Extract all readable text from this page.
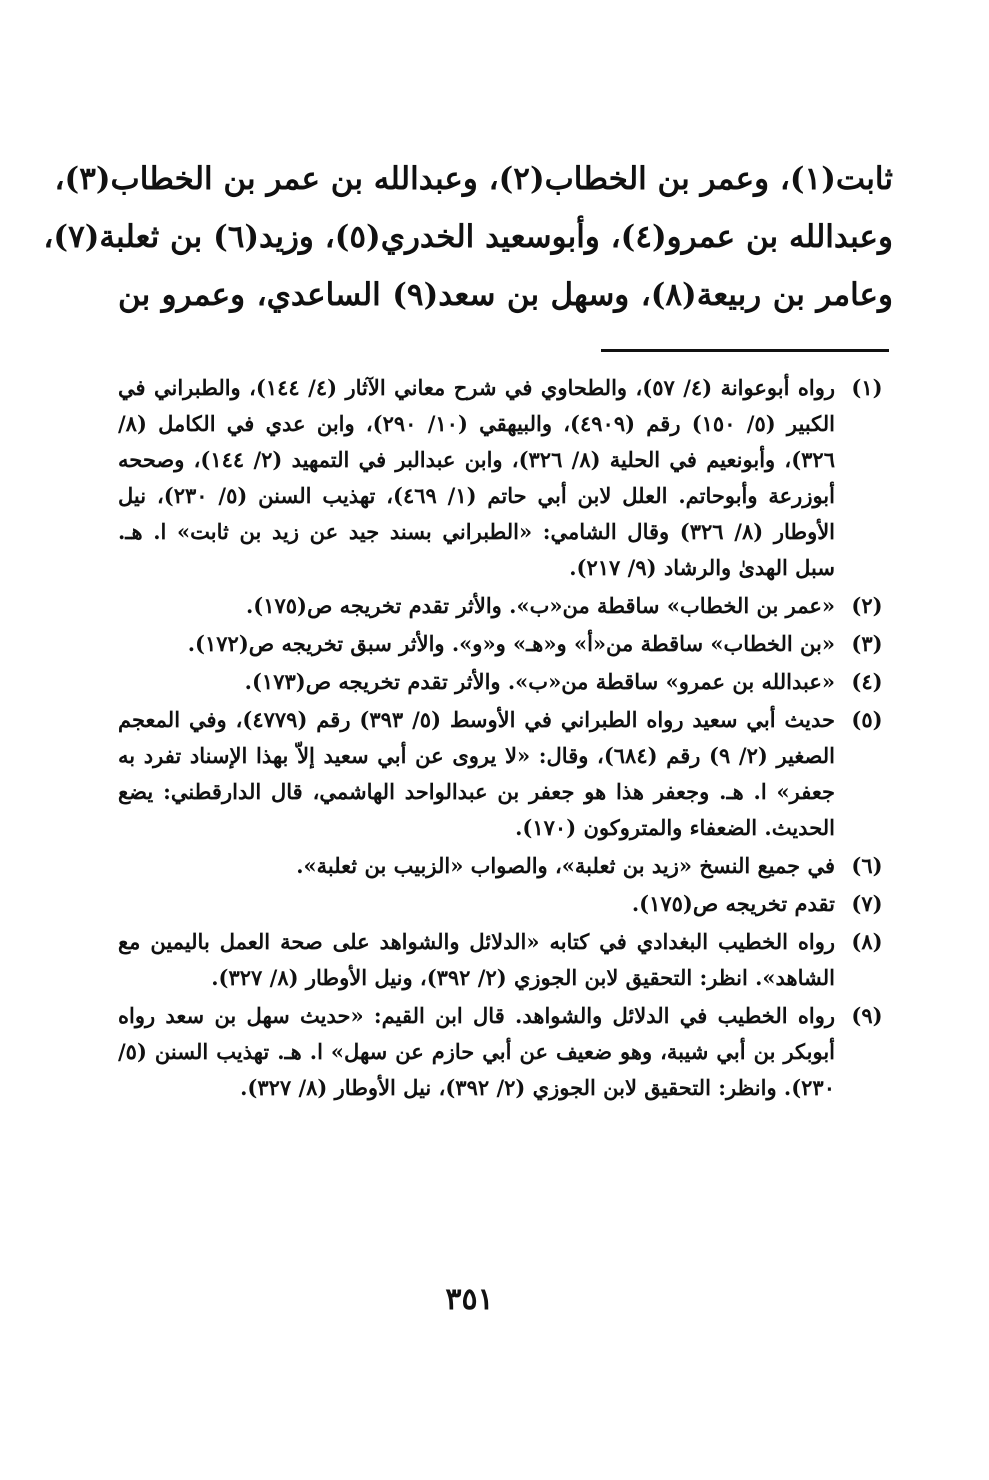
ثابت(١)، وعمر بن الخطاب(٢)، وعبدالله بن عمر بن الخطاب(٣)،
وعبدالله بن عمرو(٤)، وأبوسعيد الخدري(٥)، وزيد(٦) بن ثعلبة(٧)،
وعامر بن ربيعة(٨)، وسهل بن سعد(٩) الساعدي، وعمرو بن
(١)
رواه أبوعوانة (٤/ ٥٧)، والطحاوي في شرح معاني الآثار (٤/ ١٤٤)، والطبراني في الكبير (٥/ ١٥٠) رقم (٤٩٠٩)، والبيهقي (١٠/ ٢٩٠)، وابن عدي في الكامل (٨/ ٣٢٦)، وأبونعيم في الحلية (٨/ ٣٢٦)، وابن عبدالبر في التمهيد (٢/ ١٤٤)، وصححه أبوزرعة وأبوحاتم. العلل لابن أبي حاتم (١/ ٤٦٩)، تهذيب السنن (٥/ ٢٣٠)، نيل الأوطار (٨/ ٣٢٦) وقال الشامي: «الطبراني بسند جيد عن زيد بن ثابت» ا. هـ. سبل الهدىٰ والرشاد (٩/ ٢١٧).
(٢)
«عمر بن الخطاب» ساقطة من«ب». والأثر تقدم تخريجه ص(١٧٥).
(٣)
«بن الخطاب» ساقطة من«أ» و«هـ» و«و». والأثر سبق تخريجه ص(١٧٢).
(٤)
«عبدالله بن عمرو» ساقطة من«ب». والأثر تقدم تخريجه ص(١٧٣).
(٥)
حديث أبي سعيد رواه الطبراني في الأوسط (٥/ ٣٩٣) رقم (٤٧٧٩)، وفي المعجم الصغير (٢/ ٩) رقم (٦٨٤)، وقال: «لا يروى عن أبي سعيد إلاّ بهذا الإسناد تفرد به جعفر» ا. هـ. وجعفر هذا هو جعفر بن عبدالواحد الهاشمي، قال الدارقطني: يضع الحديث. الضعفاء والمتروكون (١٧٠).
(٦)
في جميع النسخ «زيد بن ثعلبة»، والصواب «الزبيب بن ثعلبة».
(٧)
تقدم تخريجه ص(١٧٥).
(٨)
رواه الخطيب البغدادي في كتابه «الدلائل والشواهد على صحة العمل باليمين مع الشاهد». انظر: التحقيق لابن الجوزي (٢/ ٣٩٢)، ونيل الأوطار (٨/ ٣٢٧).
(٩)
رواه الخطيب في الدلائل والشواهد. قال ابن القيم: «حديث سهل بن سعد رواه أبوبكر بن أبي شيبة، وهو ضعيف عن أبي حازم عن سهل» ا. هـ. تهذيب السنن (٥/ ٢٣٠). وانظر: التحقيق لابن الجوزي (٢/ ٣٩٢)، نيل الأوطار (٨/ ٣٢٧).
٣٥١
